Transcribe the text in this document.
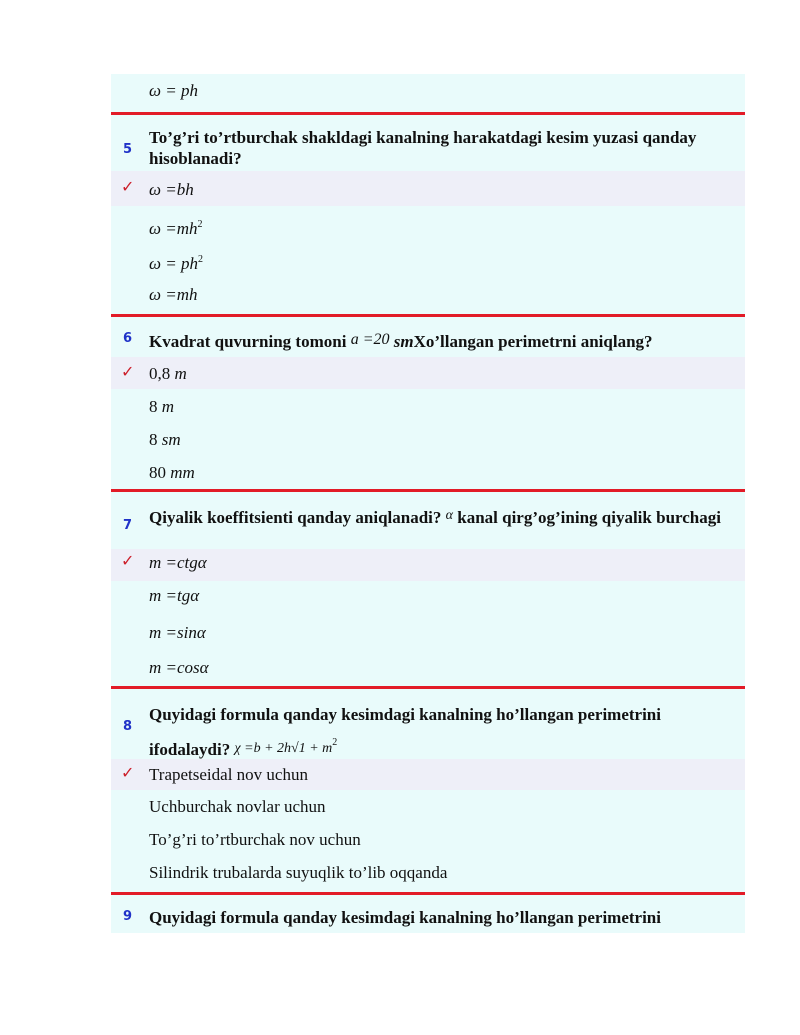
ω = ph
5
To’g’ri to’rtburchak shakldagi kanalning harakatdagi kesim yuzasi qanday hisoblanadi?
✓ ω =bh
$\omega =mh^2$
$\omega = ph^2$
ω =mh
6 Kvadrat quvurning tomoni a =20 smXo’llangan perimetrni aniqlang?
✓ 0,8 m
8 m
8 sm
80 mm
7 Qiyalik koeffitsienti qanday aniqlanadi? $^\alpha$ kanal qirg’og’ining qiyalik burchagi
✓ m =ctgα
m =tgα
m =sinα
m =cosα
8
Quyidagi formula qanday kesimdagi kanalning ho’llangan perimetrini
ifodalaydi? $\chi =b + 2h√1 + m^2$
✓ Trapetseidal nov uchun
Uchburchak novlar uchun
To’g’ri to’rtburchak nov uchun
Silindrik trubalarda suyuqlik to’lib oqqanda
9 Quyidagi formula qanday kesimdagi kanalning ho’llangan perimetrini
